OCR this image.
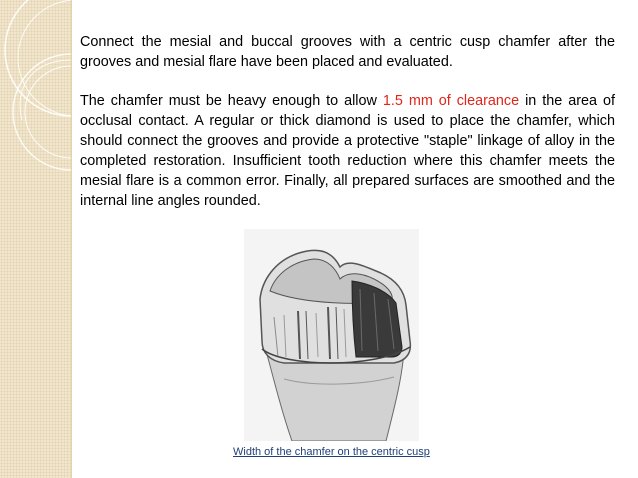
Connect the mesial and buccal grooves with a centric cusp chamfer after the grooves and mesial flare have been placed and evaluated.

The chamfer must be heavy enough to allow 1.5 mm of clearance in the area of occlusal contact. A regular or thick diamond is used to place the chamfer, which should connect the grooves and provide a protective "staple" linkage of alloy in the completed restoration. Insufficient tooth reduction where this chamfer meets the mesial flare is a common error. Finally, all prepared surfaces are smoothed and the internal line angles rounded.

Width of the chamfer on the centric cusp
